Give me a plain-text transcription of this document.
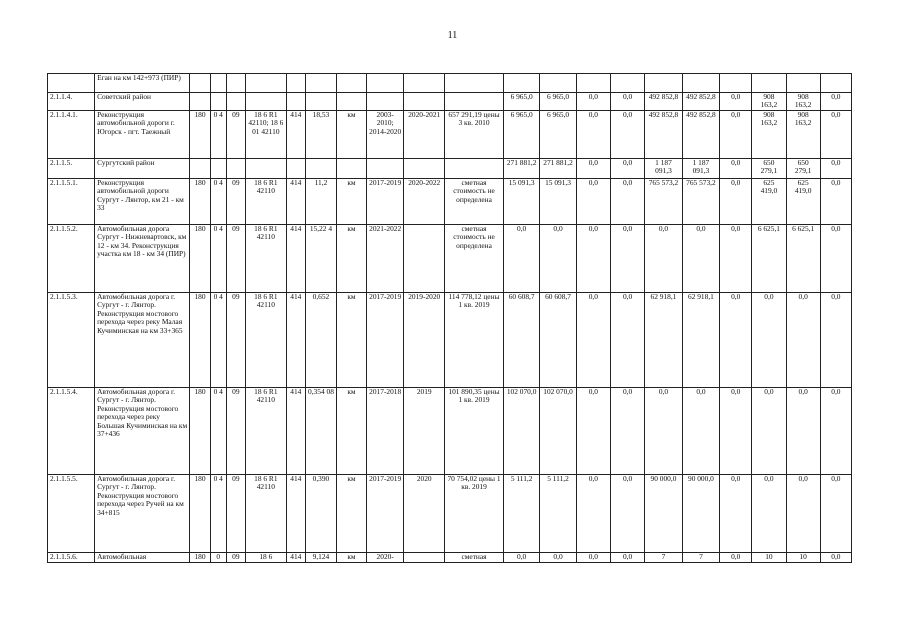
11
	Еган на км 142+973 (ПИР)																				
2.1.1.4.	Советский район											6 965,0	6 965,0	0,0	0,0	492 852,8	492 852,8	0,0	908 163,2	908 163,2	0,0
2.1.1.4.1.	Реконструкция автомобильной дороги г. Югорск - пгт. Таежный	180	0 4	09	18 6 R1 42110; 18 6 01 42110	414	18,53	км	2003-2010; 2014-2020	2020-2021	657 291,19 цены 3 кв. 2010	6 965,0	6 965,0	0,0	0,0	492 852,8	492 852,8	0,0	908 163,2	908 163,2	0,0
2.1.1.5.	Сургутский район											271 881,2	271 881,2	0,0	0,0	1 187 091,3	1 187 091,3	0,0	650 279,1	650 279,1	0,0
2.1.1.5.1.	Реконструкция автомобильной дороги Сургут - Лянтор, км 21 - км 33	180	0 4	09	18 6 R1 42110	414	11,2	км	2017-2019	2020-2022	сметная стоимость не определена	15 091,3	15 091,3	0,0	0,0	765 573,2	765 573,2	0,0	625 419,0	625 419,0	0,0
2.1.1.5.2.	Автомобильная дорога Сургут - Нижневартовск, км 12 - км 34. Реконструкция участка км 18 - км 34 (ПИР)	180	0 4	09	18 6 R1 42110	414	15,22 4	км	2021-2022		сметная стоимость не определена	0,0	0,0	0,0	0,0	0,0	0,0	0,0	6 625,1	6 625,1	0,0
2.1.1.5.3.	Автомобильная дорога г. Сургут - г. Лянтор. Реконструкция мостового перехода через реку Малая Кучиминская на км 33+365	180	0 4	09	18 6 R1 42110	414	0,652	км	2017-2019	2019-2020	114 778,12 цены 1 кв. 2019	60 608,7	60 608,7	0,0	0,0	62 918,1	62 918,1	0,0	0,0	0,0	0,0
2.1.1.5.4.	Автомобильная дорога г. Сургут - г. Лянтор. Реконструкция мостового перехода через реку Большая Кучиминская на км 37+436	180	0 4	09	18 6 R1 42110	414	0,354 08	км	2017-2018	2019	101 890,35 цены 1 кв. 2019	102 070,0	102 070,0	0,0	0,0	0,0	0,0	0,0	0,0	0,0	0,0
2.1.1.5.5.	Автомобильная дорога г. Сургут - г. Лянтор. Реконструкция мостового перехода через Ручей на км 34+815	180	0 4	09	18 6 R1 42110	414	0,390	км	2017-2019	2020	70 754,02 цены 1 кв. 2019	5 111,2	5 111,2	0,0	0,0	90 000,0	90 000,0	0,0	0,0	0,0	0,0
2.1.1.5.6.	Автомобильная	180	0	09	18 6	414	9,124	км	2020-		сметная	0,0	0,0	0,0	0,0	7	7	0,0	10	10	0,0
